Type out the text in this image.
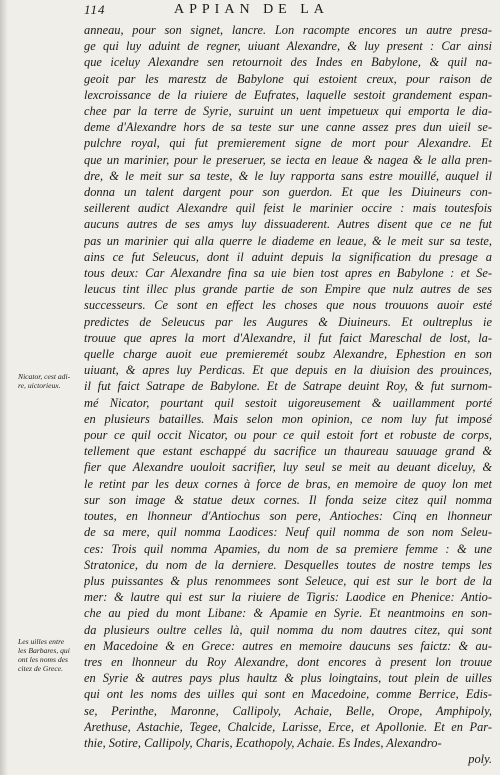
114	APPIAN DE LA
anneau, pour son signet, lancre. Lon racompte encores un autre presa-
ge qui luy aduint de regner, uiuant Alexandre, & luy present : Car ainsi
que iceluy Alexandre sen retournoit des Indes en Babylone, & quil na-
geoit par les marestz de Babylone qui estoient creux, pour raison de
lexcroissance de la riuiere de Eufrates, laquelle sestoit grandement espan-
chee par la terre de Syrie, suruint un uent impetueux qui emporta le dia-
deme d'Alexandre hors de sa teste sur une canne assez pres dun uieil se-
pulchre royal, qui fut premierement signe de mort pour Alexandre. Et
que un marinier, pour le preseruer, se iecta en leaue & nagea & le alla pren-
dre, & le meit sur sa teste, & le luy rapporta sans estre mouillé, auquel il
donna un talent dargent pour son guerdon. Et que les Diuineurs con-
seillerent audict Alexandre quil feist le marinier occire : mais toutesfois
aucuns autres de ses amys luy dissuaderent. Autres disent que ce ne fut
pas un marinier qui alla querre le diademe en leaue, & le meit sur sa teste,
ains ce fut Seleucus, dont il aduint depuis la signification du presage a
tous deux: Car Alexandre fina sa uie bien tost apres en Babylone : et Se-
leucus tint illec plus grande partie de son Empire que nulz autres de ses
successeurs. Ce sont en effect les choses que nous trouuons auoir esté
predictes de Seleucus par les Augures & Diuineurs. Et oultreplus ie
trouue que apres la mort d'Alexandre, il fut faict Mareschal de lost, la-
quelle charge auoit eue premieremét soubz Alexandre, Ephestion en son
uiuant, & apres luy Perdicas. Et que depuis en la diuision des prouinces,
il fut faict Satrape de Babylone. Et de Satrape deuint Roy, & fut surnom-
mé Nicator, pourtant quil sestoit uigoreusement & uaillamment porté
en plusieurs batailles. Mais selon mon opinion, ce nom luy fut imposé
pour ce quil occit Nicator, ou pour ce quil estoit fort et robuste de corps,
tellement que estant eschappé du sacrifice un thaureau sauuage grand &
fier que Alexandre uouloit sacrifier, luy seul se meit au deuant diceluy, &
le retint par les deux cornes à force de bras, en memoire de quoy lon met
sur son image & statue deux cornes. Il fonda seize citez quil nomma
toutes, en lhonneur d'Antiochus son pere, Antioches: Cinq en lhonneur
de sa mere, quil nomma Laodices: Neuf quil nomma de son nom Seleu-
ces: Trois quil nomma Apamies, du nom de sa premiere femme : & une
Stratonice, du nom de la derniere. Desquelles toutes de nostre temps les
plus puissantes & plus renommees sont Seleuce, qui est sur le bort de la
mer: & lautre qui est sur la riuiere de Tigris: Laodice en Phenice: Antio-
che au pied du mont Libane: & Apamie en Syrie. Et neantmoins en son-
da plusieurs oultre celles là, quil nomma du nom dautres citez, qui sont
en Macedoine & en Grece: autres en memoire daucuns ses faictz: & au-
tres en lhonneur du Roy Alexandre, dont encores à present lon trouue
en Syrie & autres pays plus haultz & plus loingtains, tout plein de uilles
qui ont les noms des uilles qui sont en Macedoine, comme Berrice, Edis-
se, Perinthe, Maronne, Callipoly, Achaie, Belle, Orope, Amphipoly,
Arethuse, Astachie, Tegee, Chalcide, Larisse, Erce, et Apollonie. Et en Par-
thie, Sotire, Callipoly, Charis, Ecathopoly, Achaie. Es Indes, Alexandro-
poly.
Nicator, cest adi-
re, uictorieux.
Les uilles entre
les Barbares, qui
ont les noms des
citez de Grece.
